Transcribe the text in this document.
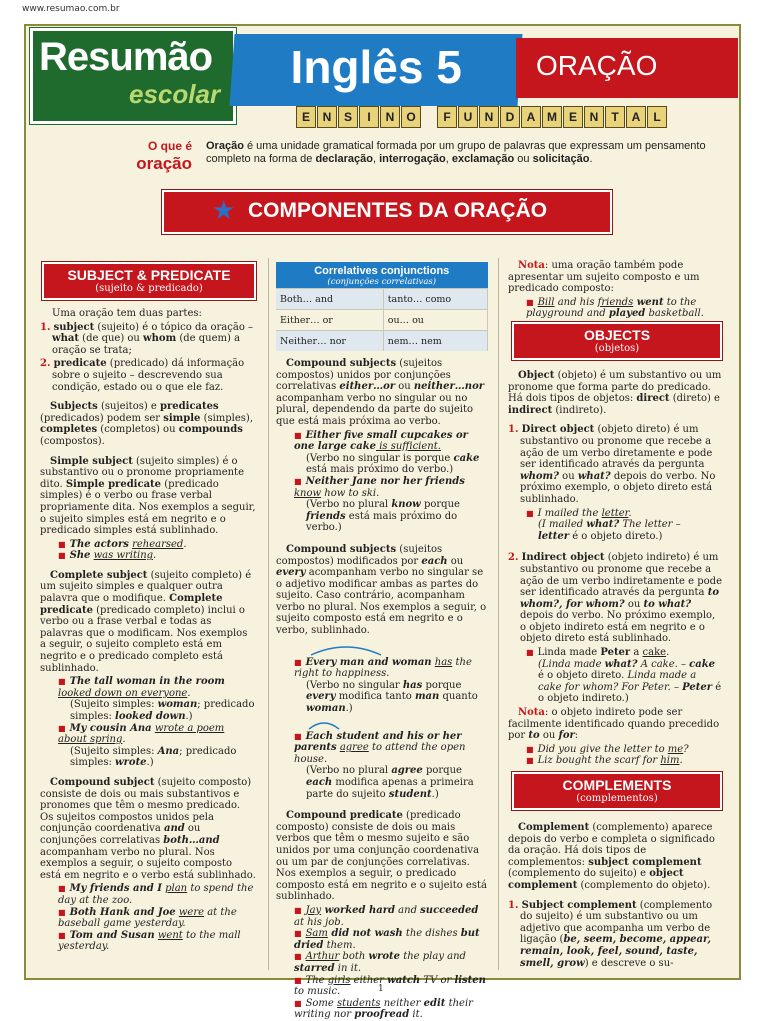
www.resumao.com.br
Resumão
escolar
Inglês 5	ORAÇÃO
E	N	S	I	N	O	F	U	N	D	A M E	N	T	A	L
O que é
oração
Oração é uma unidade gramatical formada por um grupo de palavras que expressam um pensamento completo na forma de declaração, interrogação, exclamação ou solicitação.
★ COMPONENTES DA ORAÇÃO
SUBJECT & PREDICATE
(sujeito & predicado)

Uma oração tem duas partes:

1. subject (sujeito) é o tópico da oração – what (de que) ou whom (de quem) a oração se trata;

2. predicate (predicado) dá informação sobre o sujeito – descrevendo sua condição, estado ou o que ele faz.

Subjects (sujeitos) e predicates (predicados) podem ser simple (simples), completes (completos) ou compounds (compostos).

Simple subject (sujeito simples) é o substantivo ou o pronome propriamente dito. Simple predicate (predicado simples) é o verbo ou frase verbal propriamente dita. Nos exemplos a seguir, o sujeito simples está em negrito e o predicado simples está sublinhado.

■ The actors rehearsed.
■ She was writing.

Complete subject (sujeito completo) é um sujeito simples e qualquer outra palavra que o modifique. Complete predicate (predicado completo) inclui o verbo ou a frase verbal e todas as palavras que o modificam. Nos exemplos a seguir, o sujeito completo está em negrito e o predicado completo está sublinhado.

■ The tall woman in the room looked down on everyone.
(Sujeito simples: woman; predicado simples: looked down.)
■ My cousin Ana wrote a poem about spring.
(Sujeito simples: Ana; predicado simples: wrote.)

Compound subject (sujeito composto) consiste de dois ou mais substantivos e pronomes que têm o mesmo predicado. Os sujeitos compostos unidos pela conjunção coordenativa and ou conjunções correlativas both…and acompanham verbo no plural. Nos exemplos a seguir, o sujeito composto está em negrito e o verbo está sublinhado.

■ My friends and I plan to spend the day at the zoo.
■ Both Hank and Joe were at the baseball game yesterday.
■ Tom and Susan went to the mall yesterday.
Correlatives conjunctions
(conjunções correlativas)	

Both… and	tanto… como
Either… or	ou… ou
Neither… nor	nem… nem

Compound subjects (sujeitos compostos) unidos por conjunções correlativas either…or ou neither…nor acompanham verbo no singular ou no plural, dependendo da parte do sujeito que está mais próxima ao verbo.

■ Either five small cupcakes or one large cake is sufficient.
(Verbo no singular is porque cake está mais próximo do verbo.)
■ Neither Jane nor her friends know how to ski.
(Verbo no plural know porque friends está mais próximo do verbo.)

Compound subjects (sujeitos compostos) modificados por each ou every acompanham verbo no singular se o adjetivo modificar ambas as partes do sujeito. Caso contrário, acompanham verbo no plural. Nos exemplos a seguir, o sujeito composto está em negrito e o verbo, sublinhado.

■ Every man and woman has the right to happiness.
(Verbo no singular has porque every modifica tanto man quanto woman.)
■ Each student and his or her parents agree to attend the open house.
(Verbo no plural agree porque each modifica apenas a primeira parte do sujeito student.)

Compound predicate (predicado composto) consiste de dois ou mais verbos que têm o mesmo sujeito e são unidos por uma conjunção coordenativa ou um par de conjunções correlativas. Nos exemplos a seguir, o predicado composto está em negrito e o sujeito está sublinhado.

■ Jay worked hard and succeeded at his job.
■ Sam did not wash the dishes but dried them.
■ Arthur both wrote the play and starred in it.
■ The girls either watch TV or listen to music.
■ Some students neither edit their writing nor proofread it.

Nota: uma oração também pode apresentar um sujeito composto e um predicado composto:

■ Bill and his friends went to the playground and played basketball.
OBJECTS
(objetos)

Object (objeto) é um substantivo ou um pronome que forma parte do predicado. Há dois tipos de objetos: direct (direto) e indirect (indireto).

1. Direct object (objeto direto) é um substantivo ou pronome que recebe a ação de um verbo diretamente e pode ser identificado através da pergunta whom? ou what? depois do verbo. No próximo exemplo, o objeto direto está sublinhado.

■ I mailed the letter.
(I mailed what? The letter –
letter é o objeto direto.)

2. Indirect object (objeto indireto) é um substantivo ou pronome que recebe a ação de um verbo indiretamente e pode ser identificado através da pergunta to whom?, for whom? ou to what? depois do verbo. No próximo exemplo, o objeto indireto está em negrito e o objeto direto está sublinhado.

■ Linda made Peter a cake.
(Linda made what? A cake. – cake é o objeto direto. Linda made a cake for whom? For Peter. – Peter é o objeto indireto.)

Nota: o objeto indireto pode ser facilmente identificado quando precedido por to ou for:

■ Did you give the letter to me?
■ Liz bought the scarf for him.
COMPLEMENTS
(complementos)

Complement (complemento) aparece depois do verbo e completa o significado da oração. Há dois tipos de complementos: subject complement (complemento do sujeito) e object complement (complemento do objeto).

1. Subject complement (complemento do sujeito) é um substantivo ou um adjetivo que acompanha um verbo de ligação (be, seem, become, appear, remain, look, feel, sound, taste, smell, grow) e descreve o su-

1
